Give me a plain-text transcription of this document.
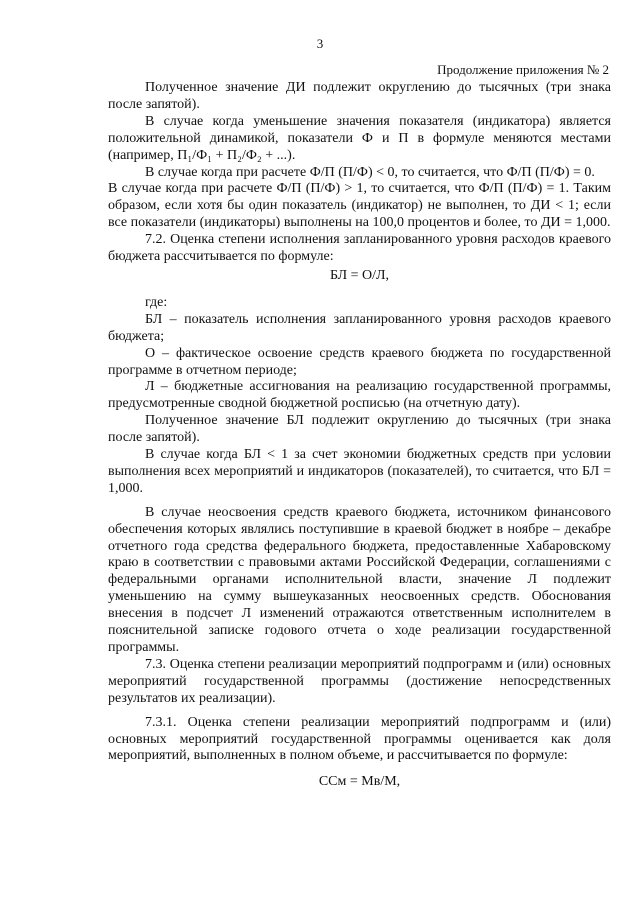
3
Продолжение приложения № 2

Полученное значение ДИ подлежит округлению до тысячных (три знака после запятой).

В случае когда уменьшение значения показателя (индикатора) является положительной динамикой, показатели Ф и П в формуле меняются местами (например, П₁/Ф₁ + П₂/Ф₂ + ...).

В случае когда при расчете Ф/П (П/Ф) < 0, то считается, что Ф/П (П/Ф) = 0.

В случае когда при расчете Ф/П (П/Ф) > 1, то считается, что Ф/П (П/Ф) = 1. Таким образом, если хотя бы один показатель (индикатор) не выполнен, то ДИ < 1; если все показатели (индикаторы) выполнены на 100,0 процентов и более, то ДИ = 1,000.

7.2. Оценка степени исполнения запланированного уровня расходов краевого бюджета рассчитывается по формуле:

БЛ = О/Л,

где:

БЛ – показатель исполнения запланированного уровня расходов краевого бюджета;

О – фактическое освоение средств краевого бюджета по государственной программе в отчетном периоде;

Л – бюджетные ассигнования на реализацию государственной программы, предусмотренные сводной бюджетной росписью (на отчетную дату).

Полученное значение БЛ подлежит округлению до тысячных (три знака после запятой).

В случае когда БЛ < 1 за счет экономии бюджетных средств при условии выполнения всех мероприятий и индикаторов (показателей), то считается, что БЛ = 1,000.

В случае неосвоения средств краевого бюджета, источником финансового обеспечения которых являлись поступившие в краевой бюджет в ноябре – декабре отчетного года средства федерального бюджета, предоставленные Хабаровскому краю в соответствии с правовыми актами Российской Федерации, соглашениями с федеральными органами исполнительной власти, значение Л подлежит уменьшению на сумму вышеуказанных неосвоенных средств. Обоснования внесения в подсчет Л изменений отражаются ответственным исполнителем в пояснительной записке годового отчета о ходе реализации государственной программы.

7.3. Оценка степени реализации мероприятий подпрограмм и (или) основных мероприятий государственной программы (достижение непосредственных результатов их реализации).

7.3.1. Оценка степени реализации мероприятий подпрограмм и (или) основных мероприятий государственной программы оценивается как доля мероприятий, выполненных в полном объеме, и рассчитывается по формуле:

ССм = Мв/М,
